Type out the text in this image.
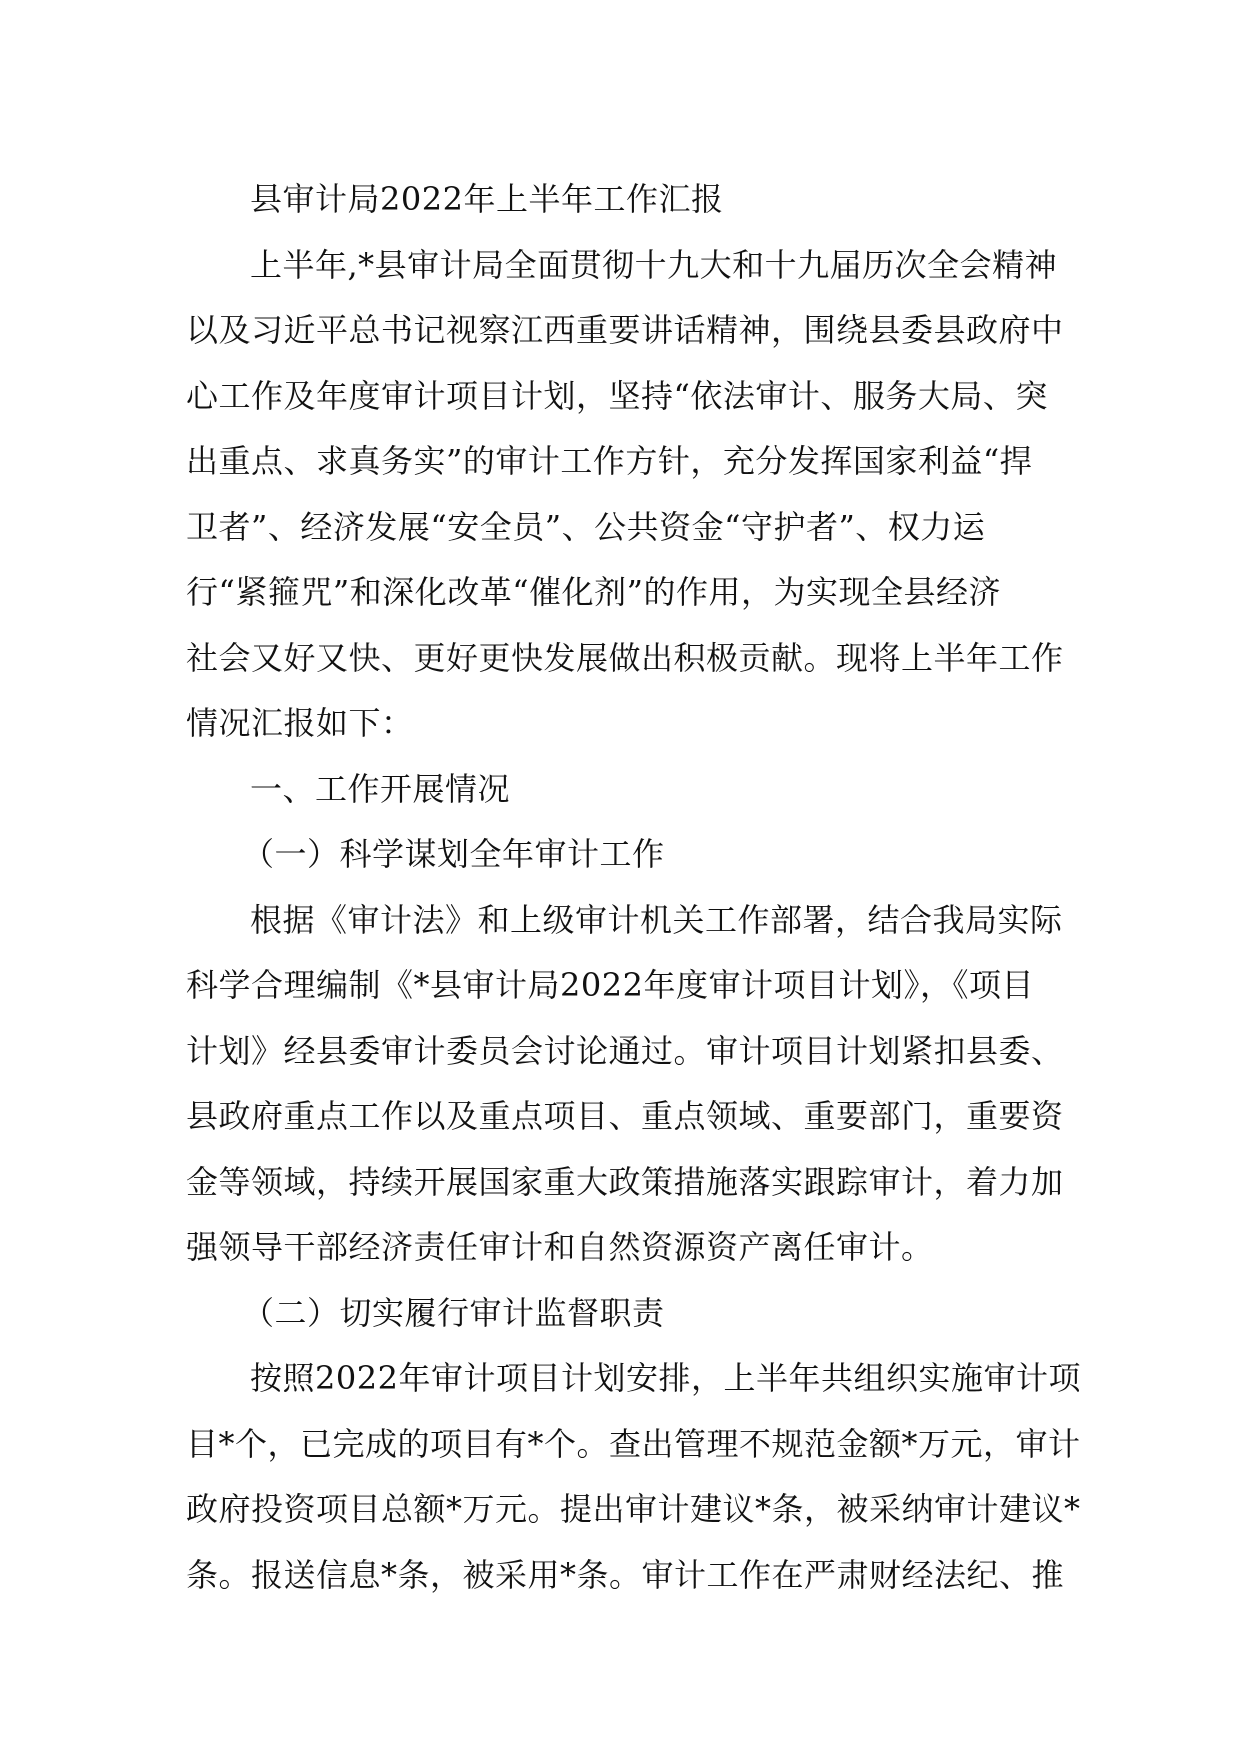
县审计局2022年上半年工作汇报
上半年,*县审计局全面贯彻十九大和十九届历次全会精神
以及习近平总书记视察江西重要讲话精神，围绕县委县政府中
心工作及年度审计项目计划，坚持“依法审计、服务大局、突
出重点、求真务实”的审计工作方针，充分发挥国家利益“捍
卫者”、经济发展“安全员”、公共资金“守护者”、权力运
行“紧箍咒”和深化改革“催化剂”的作用，为实现全县经济
社会又好又快、更好更快发展做出积极贡献。现将上半年工作
情况汇报如下：
一、工作开展情况
（一）科学谋划全年审计工作
根据《审计法》和上级审计机关工作部署，结合我局实际
科学合理编制《*县审计局2022年度审计项目计划》，《项目
计划》经县委审计委员会讨论通过。审计项目计划紧扣县委、
县政府重点工作以及重点项目、重点领域、重要部门，重要资
金等领域，持续开展国家重大政策措施落实跟踪审计，着力加
强领导干部经济责任审计和自然资源资产离任审计。
（二）切实履行审计监督职责
按照2022年审计项目计划安排，上半年共组织实施审计项
目*个，已完成的项目有*个。查出管理不规范金额*万元，审计
政府投资项目总额*万元。提出审计建议*条，被采纳审计建议*
条。报送信息*条，被采用*条。审计工作在严肃财经法纪、推
